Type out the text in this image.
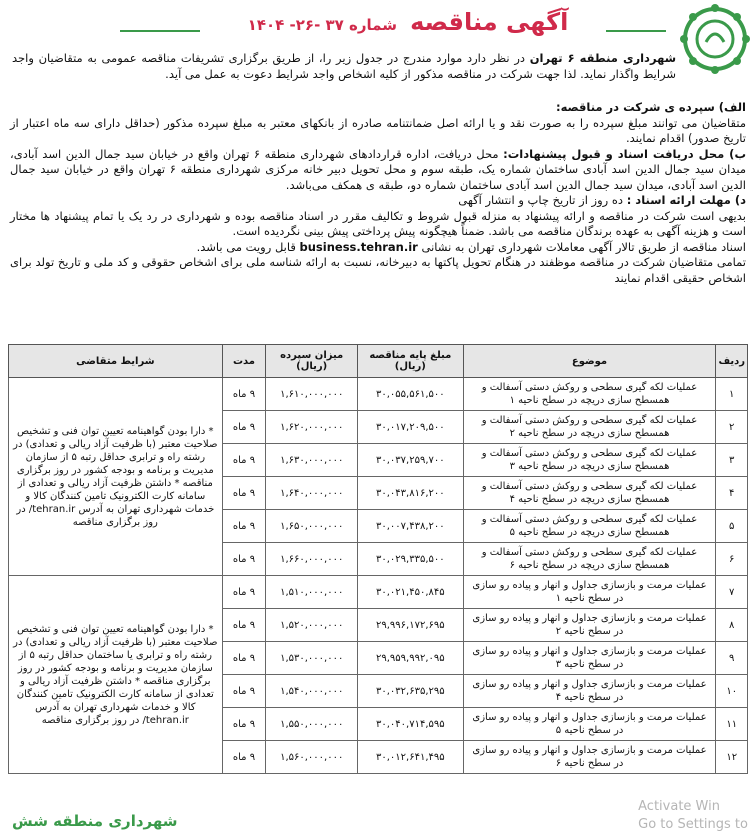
آگهی مناقصه شماره ۳۷ -۲۶- ۱۴۰۴
شهرداری منطقه ۶ تهران در نظر دارد موارد مندرج در جدول زیر را، از طریق برگزاری تشریفات مناقصه عمومی به متقاضیان واجد شرایط واگذار نماید. لذا جهت شرکت در مناقصه مذکور از کلیه اشخاص واجد شرایط دعوت به عمل می آید.

الف) سپرده ی شرکت در مناقصه:

متقاضیان می توانند مبلغ سپرده را به صورت نقد و یا ارائه اصل ضمانتنامه صادره از بانکهای معتبر به مبلغ سپرده مذکور (حداقل دارای سه ماه اعتبار از تاریخ صدور) اقدام نمایند.

ب) محل دریافت اسناد و قبول پیشنهادات: محل دریافت، اداره قراردادهای شهرداری منطقه ۶ تهران واقع در خیابان سید جمال الدین اسد آبادی، میدان سید جمال الدین اسد آبادی ساختمان شماره یک، طبقه سوم و محل تحویل دبیر خانه مرکزی شهرداری منطقه ۶ تهران واقع در خیابان سید جمال الدین اسد آبادی، میدان سید جمال الدین اسد آبادی ساختمان شماره دو، طبقه ی همکف می‌باشد.

د) مهلت ارائه اسناد : ده روز از تاریخ چاپ و انتشار آگهی

بدیهی است شرکت در مناقصه و ارائه پیشنهاد به منزله قبول شروط و تکالیف مقرر در اسناد مناقصه بوده و شهرداری در رد یک یا تمام پیشنهاد ها مختار است و هزینه آگهی به عهده برندگان مناقصه می باشد. ضمناً هیچگونه پیش پرداختی پیش بینی نگردیده است.

اسناد مناقصه از طریق تالار آگهی معاملات شهرداری تهران به نشانی business.tehran.ir قابل رویت می باشد.

تمامی متقاضیان شرکت در مناقصه موظفند در هنگام تحویل پاکتها به دبیرخانه، نسبت به ارائه شناسه ملی برای اشخاص حقوقی و کد ملی و تاریخ تولد برای اشخاص حقیقی اقدام نمایند

ردیف	موضوع	مبلغ پایه مناقصه (ریال)	میزان سپرده (ریال)	مدت	شرایط متقاضی
۱	عملیات لکه گیری سطحی و روکش دستی آسفالت و همسطح سازی دریچه در سطح ناحیه ۱	۳۰,۰۵۵,۵۶۱,۵۰۰	۱,۶۱۰,۰۰۰,۰۰۰	۹ ماه	* دارا بودن گواهینامه تعیین توان فنی و تشخیص صلاحیت معتبر (با ظرفیت آزاد ریالی و تعدادی) در رشته راه و ترابری حداقل رتبه ۵ از سازمان مدیریت و برنامه و بودجه کشور در روز برگزاری مناقصه * داشتن ظرفیت آزاد ریالی و تعدادی از سامانه کارت الکترونیک تامین کنندگان کالا و خدمات شهرداری تهران به آدرس tehran.ir/ در روز برگزاری مناقصه
۲	عملیات لکه گیری سطحی و روکش دستی آسفالت و همسطح سازی دریچه در سطح ناحیه ۲	۳۰,۰۱۷,۲۰۹,۵۰۰	۱,۶۲۰,۰۰۰,۰۰۰	۹ ماه	
۳	عملیات لکه گیری سطحی و روکش دستی آسفالت و همسطح سازی دریچه در سطح ناحیه ۳	۳۰,۰۳۷,۲۵۹,۷۰۰	۱,۶۳۰,۰۰۰,۰۰۰	۹ ماه	
۴	عملیات لکه گیری سطحی و روکش دستی آسفالت و همسطح سازی دریچه در سطح ناحیه ۴	۳۰,۰۴۳,۸۱۶,۲۰۰	۱,۶۴۰,۰۰۰,۰۰۰	۹ ماه	
۵	عملیات لکه گیری سطحی و روکش دستی آسفالت و همسطح سازی دریچه در سطح ناحیه ۵	۳۰,۰۰۷,۴۳۸,۲۰۰	۱,۶۵۰,۰۰۰,۰۰۰	۹ ماه	
۶	عملیات لکه گیری سطحی و روکش دستی آسفالت و همسطح سازی دریچه در سطح ناحیه ۶	۳۰,۰۲۹,۳۳۵,۵۰۰	۱,۶۶۰,۰۰۰,۰۰۰	۹ ماه	
۷	عملیات مرمت و بازسازی جداول و انهار و پیاده رو سازی در سطح ناحیه ۱	۳۰,۰۲۱,۴۵۰,۸۴۵	۱,۵۱۰,۰۰۰,۰۰۰	۹ ماه	* دارا بودن گواهینامه تعیین توان فنی و تشخیص صلاحیت معتبر (با ظرفیت آزاد ریالی و تعدادی) در رشته راه و ترابری یا ساختمان حداقل رتبه ۵ از سازمان مدیریت و برنامه و بودجه کشور در روز برگزاری مناقصه * داشتن ظرفیت آزاد ریالی و تعدادی از سامانه کارت الکترونیک تامین کنندگان کالا و خدمات شهرداری تهران به آدرس tehran.ir/ در روز برگزاری مناقصه
۸	عملیات مرمت و بازسازی جداول و انهار و پیاده رو سازی در سطح ناحیه ۲	۲۹,۹۹۶,۱۷۲,۶۹۵	۱,۵۲۰,۰۰۰,۰۰۰	۹ ماه	
۹	عملیات مرمت و بازسازی جداول و انهار و پیاده رو سازی در سطح ناحیه ۳	۲۹,۹۵۹,۹۹۲,۰۹۵	۱,۵۳۰,۰۰۰,۰۰۰	۹ ماه	
۱۰	عملیات مرمت و بازسازی جداول و انهار و پیاده رو سازی در سطح ناحیه ۴	۳۰,۰۳۲,۶۳۵,۲۹۵	۱,۵۴۰,۰۰۰,۰۰۰	۹ ماه	
۱۱	عملیات مرمت و بازسازی جداول و انهار و پیاده رو سازی در سطح ناحیه ۵	۳۰,۰۴۰,۷۱۴,۵۹۵	۱,۵۵۰,۰۰۰,۰۰۰	۹ ماه	
۱۲	عملیات مرمت و بازسازی جداول و انهار و پیاده رو سازی در سطح ناحیه ۶	۳۰,۰۱۲,۶۴۱,۴۹۵	۱,۵۶۰,۰۰۰,۰۰۰	۹ ماه	
شهرداری منطقه شش
Activate Win
Go to Settings to
